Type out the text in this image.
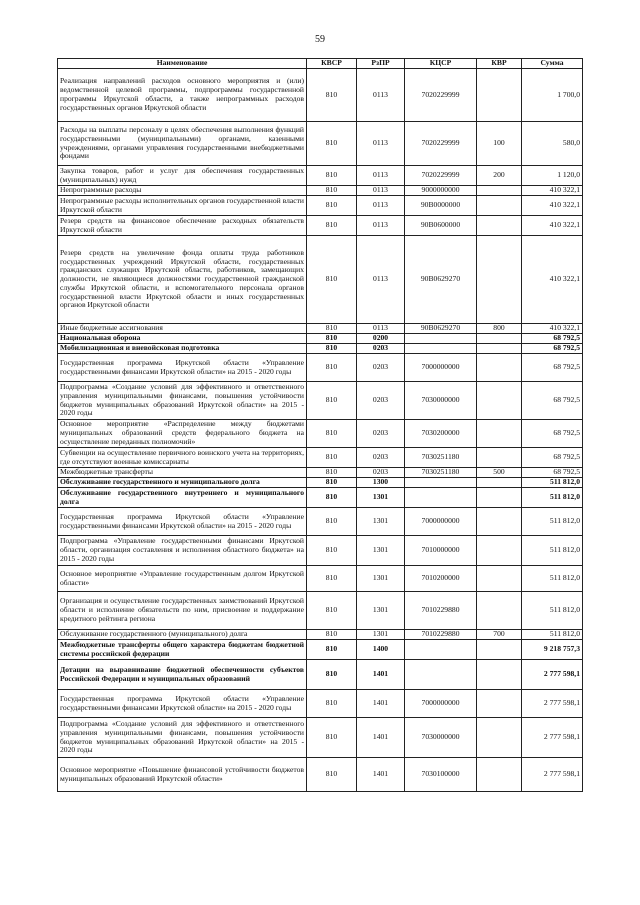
59
Наименование	КВСР	РзПР	КЦСР	КВР	Сумма
Реализация направлений расходов основного мероприятия и (или) ведомственной целевой программы, подпрограммы государственной программы Иркутской области, а также непрограммных расходов государственных органов Иркутской области	810	0113	7020229999		1 700,0
Расходы на выплаты персоналу в целях обеспечения выполнения функций государственными (муниципальными) органами, казенными учреждениями, органами управления государственными внебюджетными фондами	810	0113	7020229999	100	580,0
Закупка товаров, работ и услуг для обеспечения государственных (муниципальных) нужд	810	0113	7020229999	200	1 120,0
Непрограммные расходы	810	0113	9000000000		410 322,1
Непрограммные расходы исполнительных органов государственной власти Иркутской области	810	0113	90В0000000		410 322,1
Резерв средств на финансовое обеспечение расходных обязательств Иркутской области	810	0113	90В0600000		410 322,1
Резерв средств на увеличение фонда оплаты труда работников государственных учреждений Иркутской области, государственных гражданских служащих Иркутской области, работников, замещающих должности, не являющиеся должностями государственной гражданской службы Иркутской области, и вспомогательного персонала органов государственной власти Иркутской области и иных государственных органов Иркутской области	810	0113	90В0629270		410 322,1
Иные бюджетные ассигнования	810	0113	90В0629270	800	410 322,1
Национальная оборона	810	0200			68 792,5
Мобилизационная и вневойсковая подготовка	810	0203			68 792,5
Государственная программа Иркутской области «Управление государственными финансами Иркутской области» на 2015 - 2020 годы	810	0203	7000000000		68 792,5
Подпрограмма «Создание условий для эффективного и ответственного управления муниципальными финансами, повышения устойчивости бюджетов муниципальных образований Иркутской области» на 2015 - 2020 годы	810	0203	7030000000		68 792,5
Основное мероприятие «Распределение между бюджетами муниципальных образований средств федерального бюджета на осуществление переданных полномочий»	810	0203	7030200000		68 792,5
Субвенции на осуществление первичного воинского учета на территориях, где отсутствуют военные комиссариаты	810	0203	7030251180		68 792,5
Межбюджетные трансферты	810	0203	7030251180	500	68 792,5
Обслуживание государственного и муниципального долга	810	1300			511 812,0
Обслуживание государственного внутреннего и муниципального долга	810	1301			511 812,0
Государственная программа Иркутской области «Управление государственными финансами Иркутской области» на 2015 - 2020 годы	810	1301	7000000000		511 812,0
Подпрограмма «Управление государственными финансами Иркутской области, организация составления и исполнения областного бюджета» на 2015 - 2020 годы	810	1301	7010000000		511 812,0
Основное мероприятие «Управление государственным долгом Иркутской области»	810	1301	7010200000		511 812,0
Организация и осуществление государственных заимствований Иркутской области и исполнение обязательств по ним, присвоение и поддержание кредитного рейтинга региона	810	1301	7010229880		511 812,0
Обслуживание государственного (муниципального) долга	810	1301	7010229880	700	511 812,0
Межбюджетные трансферты общего характера бюджетам бюджетной системы российской федерации	810	1400			9 218 757,3
Дотации на выравнивание бюджетной обеспеченности субъектов Российской Федерации и муниципальных образований	810	1401			2 777 598,1
Государственная программа Иркутской области «Управление государственными финансами Иркутской области» на 2015 - 2020 годы	810	1401	7000000000		2 777 598,1
Подпрограмма «Создание условий для эффективного и ответственного управления муниципальными финансами, повышения устойчивости бюджетов муниципальных образований Иркутской области» на 2015 - 2020 годы	810	1401	7030000000		2 777 598,1
Основное мероприятие «Повышение финансовой устойчивости бюджетов муниципальных образований Иркутской области»	810	1401	7030100000		2 777 598,1
